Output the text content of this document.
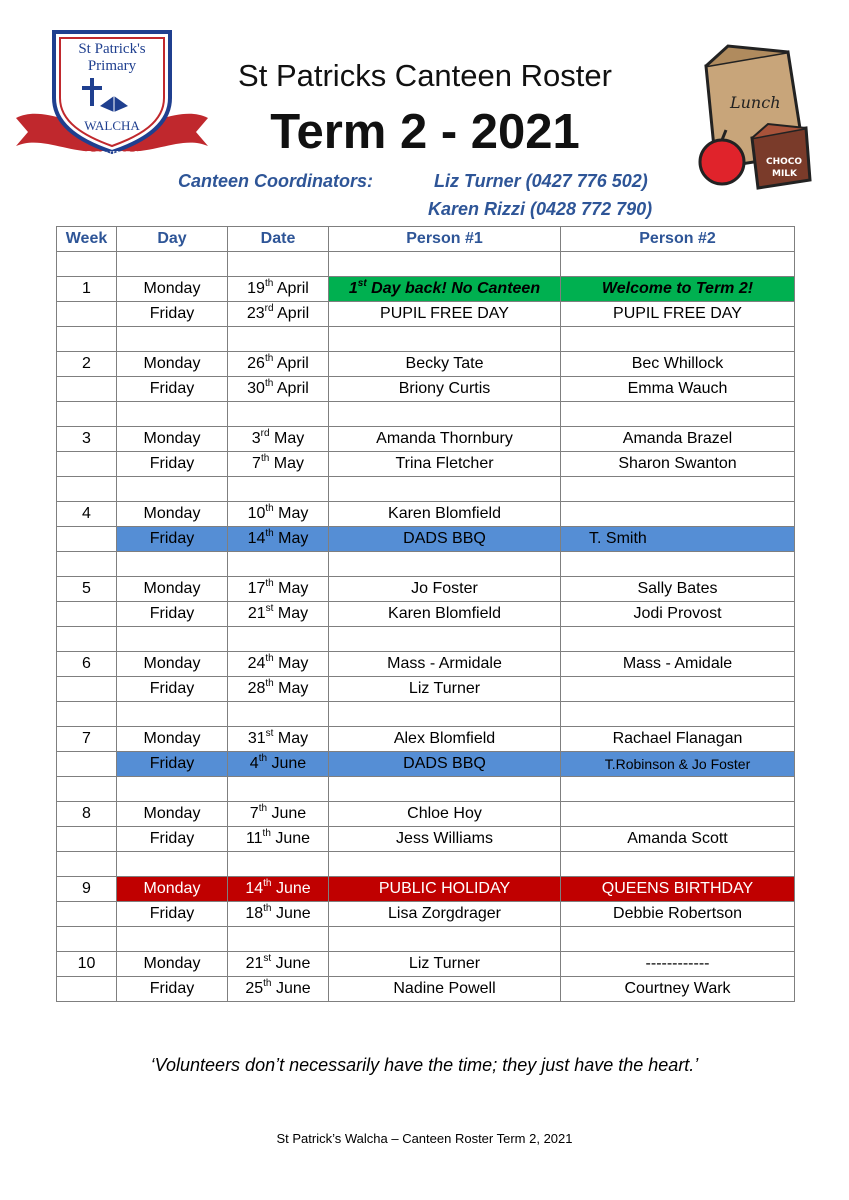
St Patrick's
Primary
WALCHA
GROWING IN
WISDOM AND FAITH
Lunch
CHOCO
MILK
St Patricks Canteen Roster
Term 2 - 2021
Canteen Coordinators:	Liz Turner (0427 776 502)
Karen Rizzi (0428 772 790)
Week	Day	Date	Person #1	Person #2

1	Monday	19th April	1st Day back! No Canteen	Welcome to Term 2!
	Friday	23rd April	PUPIL FREE DAY	PUPIL FREE DAY

2	Monday	26th April	Becky Tate	Bec Whillock
	Friday	30th April	Briony Curtis	Emma Wauch

3	Monday	3rd May	Amanda Thornbury	Amanda Brazel
	Friday	7th May	Trina Fletcher	Sharon Swanton

4	Monday	10th May	Karen Blomfield	
	Friday	14th May	DADS BBQ	T. Smith

5	Monday	17th May	Jo Foster	Sally Bates
	Friday	21st May	Karen Blomfield	Jodi Provost

6	Monday	24th May	Mass - Armidale	Mass - Amidale
	Friday	28th May	Liz Turner	

7	Monday	31st May	Alex Blomfield	Rachael Flanagan
	Friday	4th June	DADS BBQ	T.Robinson & Jo Foster

8	Monday	7th June	Chloe Hoy	
	Friday	11th June	Jess Williams	Amanda Scott

9	Monday	14th June	PUBLIC HOLIDAY	QUEENS BIRTHDAY
	Friday	18th June	Lisa Zorgdrager	Debbie Robertson

10	Monday	21st June	Liz Turner	------------
	Friday	25th June	Nadine Powell	Courtney Wark
‘Volunteers don’t necessarily have the time; they just have the heart.’
St Patrick’s Walcha – Canteen Roster Term 2, 2021
